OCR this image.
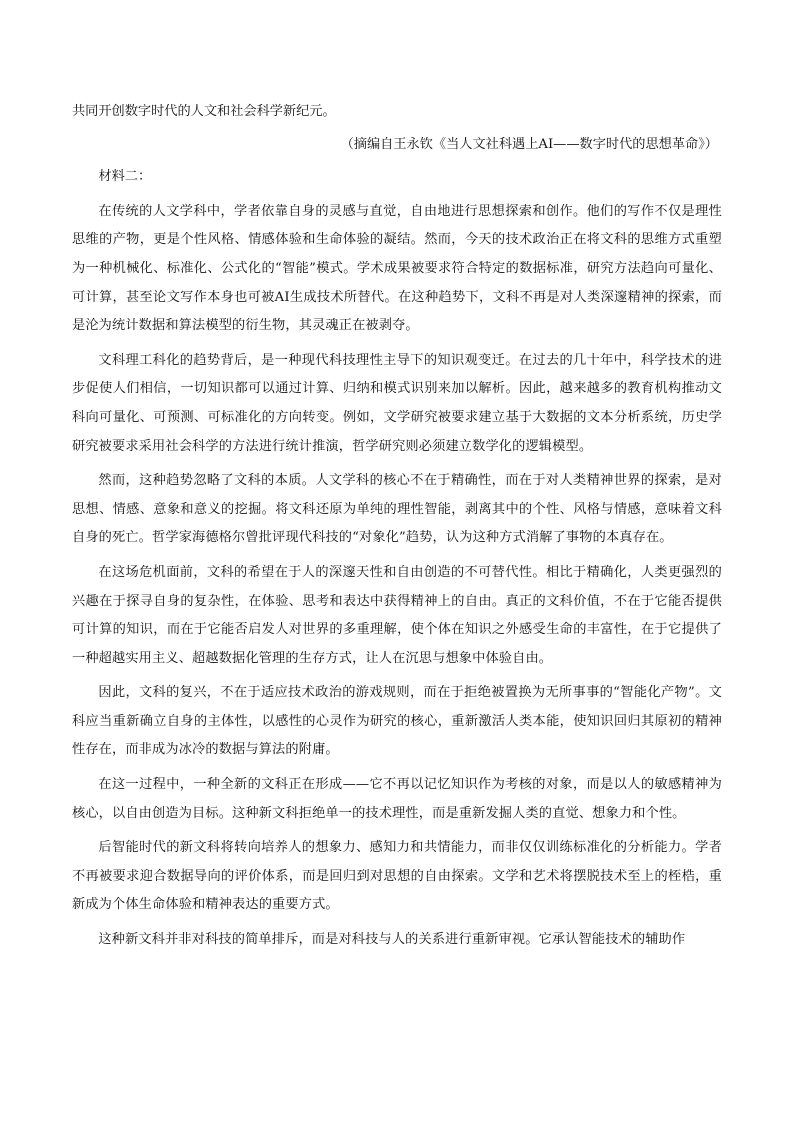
共同开创数字时代的人文和社会科学新纪元。

（摘编自王永钦《当人文社科遇上AI——数字时代的思想革命》）

材料二：

在传统的人文学科中，学者依靠自身的灵感与直觉，自由地进行思想探索和创作。他们的写作不仅是理性思维的产物，更是个性风格、情感体验和生命体验的凝结。然而，今天的技术政治正在将文科的思维方式重塑为一种机械化、标准化、公式化的“智能”模式。学术成果被要求符合特定的数据标准，研究方法趋向可量化、可计算，甚至论文写作本身也可被AI生成技术所替代。在这种趋势下，文科不再是对人类深邃精神的探索，而是沦为统计数据和算法模型的衍生物，其灵魂正在被剥夺。

文科理工科化的趋势背后，是一种现代科技理性主导下的知识观变迁。在过去的几十年中，科学技术的进步促使人们相信，一切知识都可以通过计算、归纳和模式识别来加以解析。因此，越来越多的教育机构推动文科向可量化、可预测、可标准化的方向转变。例如，文学研究被要求建立基于大数据的文本分析系统，历史学研究被要求采用社会科学的方法进行统计推演，哲学研究则必须建立数学化的逻辑模型。

然而，这种趋势忽略了文科的本质。人文学科的核心不在于精确性，而在于对人类精神世界的探索，是对思想、情感、意象和意义的挖掘。将文科还原为单纯的理性智能，剥离其中的个性、风格与情感，意味着文科自身的死亡。哲学家海德格尔曾批评现代科技的“对象化”趋势，认为这种方式消解了事物的本真存在。

在这场危机面前，文科的希望在于人的深邃天性和自由创造的不可替代性。相比于精确化，人类更强烈的兴趣在于探寻自身的复杂性，在体验、思考和表达中获得精神上的自由。真正的文科价值，不在于它能否提供可计算的知识，而在于它能否启发人对世界的多重理解，使个体在知识之外感受生命的丰富性，在于它提供了一种超越实用主义、超越数据化管理的生存方式，让人在沉思与想象中体验自由。

因此，文科的复兴，不在于适应技术政治的游戏规则，而在于拒绝被置换为无所事事的“智能化产物”。文科应当重新确立自身的主体性，以感性的心灵作为研究的核心，重新激活人类本能，使知识回归其原初的精神性存在，而非成为冰冷的数据与算法的附庸。

在这一过程中，一种全新的文科正在形成——它不再以记忆知识作为考核的对象，而是以人的敏感精神为核心，以自由创造为目标。这种新文科拒绝单一的技术理性，而是重新发掘人类的直觉、想象力和个性。

后智能时代的新文科将转向培养人的想象力、感知力和共情能力，而非仅仅训练标准化的分析能力。学者不再被要求迎合数据导向的评价体系，而是回归到对思想的自由探索。文学和艺术将摆脱技术至上的桎梏，重新成为个体生命体验和精神表达的重要方式。

这种新文科并非对科技的简单排斥，而是对科技与人的关系进行重新审视。它承认智能技术的辅助作
